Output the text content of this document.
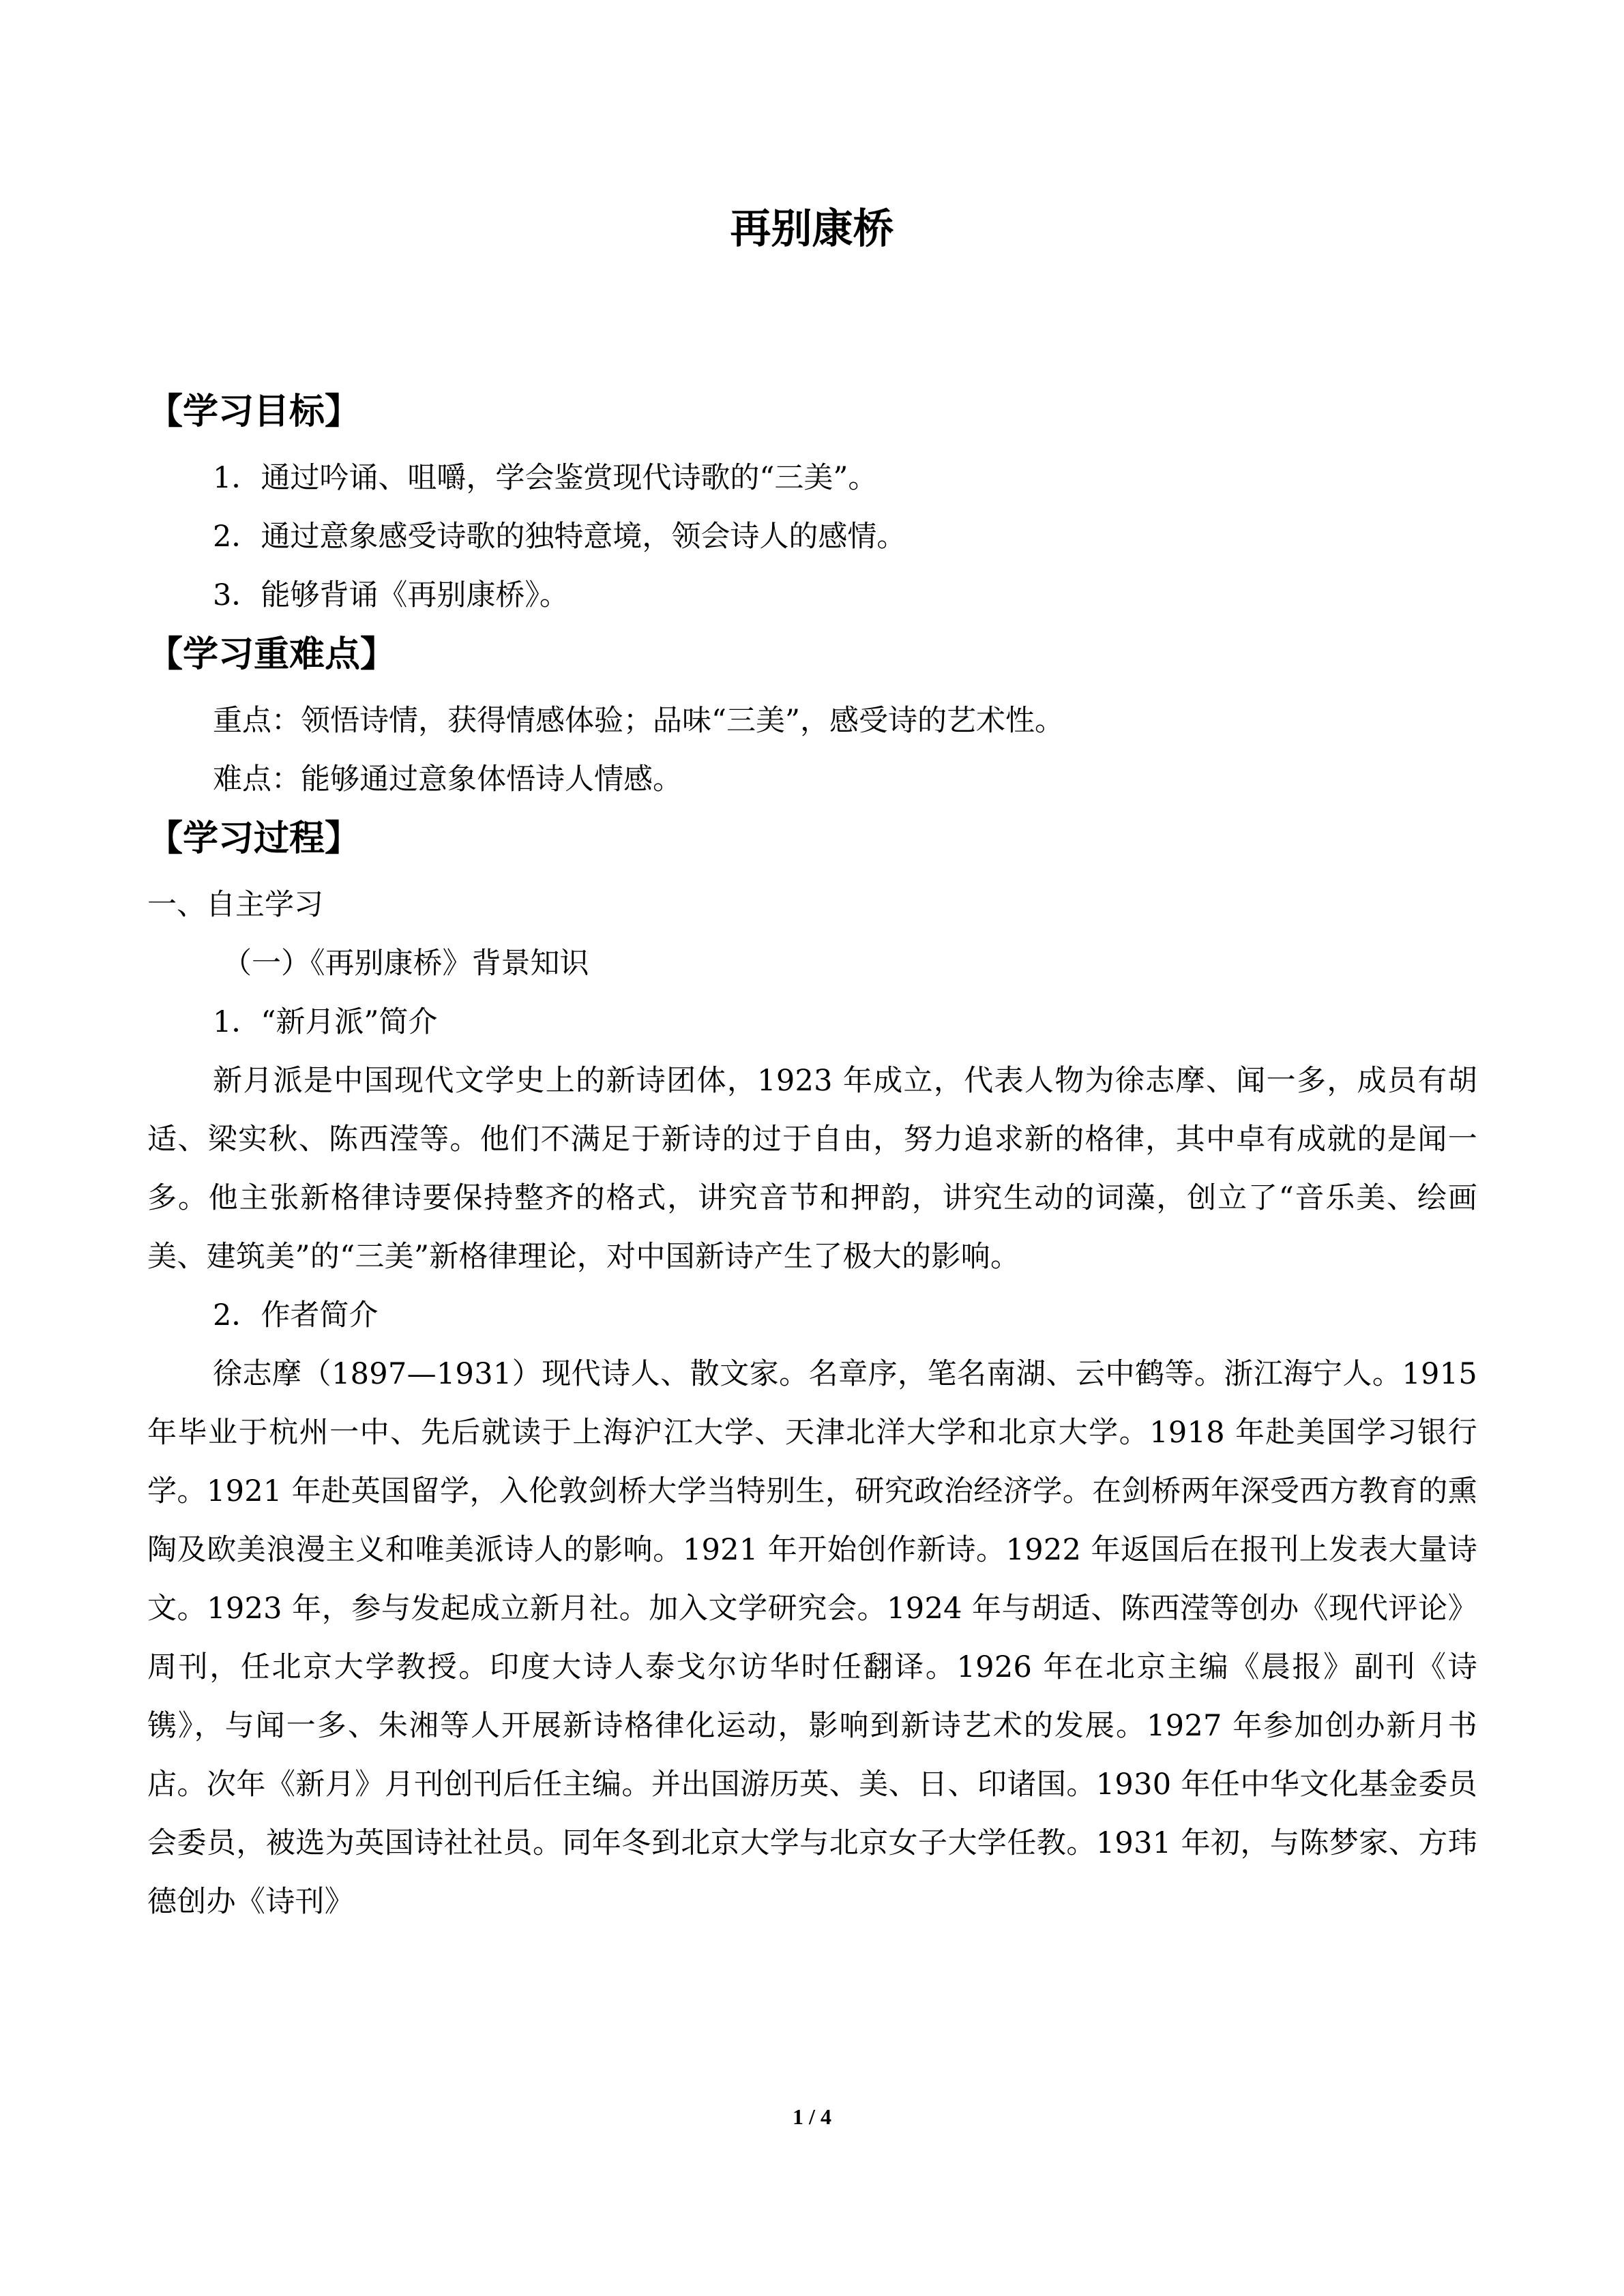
再别康桥
【学习目标】
1．通过吟诵、咀嚼，学会鉴赏现代诗歌的“三美”。
2．通过意象感受诗歌的独特意境，领会诗人的感情。
3．能够背诵《再别康桥》。
【学习重难点】
重点：领悟诗情，获得情感体验；品味“三美”，感受诗的艺术性。
难点：能够通过意象体悟诗人情感。
【学习过程】
一、自主学习
（一）《再别康桥》背景知识
1．“新月派”简介

新月派是中国现代文学史上的新诗团体，1923 年成立，代表人物为徐志摩、闻一多，成员有胡适、梁实秋、陈西滢等。他们不满足于新诗的过于自由，努力追求新的格律，其中卓有成就的是闻一多。他主张新格律诗要保持整齐的格式，讲究音节和押韵，讲究生动的词藻，创立了“音乐美、绘画美、建筑美”的“三美”新格律理论，对中国新诗产生了极大的影响。

2．作者简介

徐志摩（1897—1931）现代诗人、散文家。名章序，笔名南湖、云中鹤等。浙江海宁人。1915 年毕业于杭州一中、先后就读于上海沪江大学、天津北洋大学和北京大学。1918 年赴美国学习银行学。1921 年赴英国留学，入伦敦剑桥大学当特别生，研究政治经济学。在剑桥两年深受西方教育的熏陶及欧美浪漫主义和唯美派诗人的影响。1921 年开始创作新诗。1922 年返国后在报刊上发表大量诗文。1923 年，参与发起成立新月社。加入文学研究会。1924 年与胡适、陈西滢等创办《现代评论》周刊，任北京大学教授。印度大诗人泰戈尔访华时任翻译。1926 年在北京主编《晨报》副刊《诗镌》，与闻一多、朱湘等人开展新诗格律化运动，影响到新诗艺术的发展。1927 年参加创办新月书店。次年《新月》月刊创刊后任主编。并出国游历英、美、日、印诸国。1930 年任中华文化基金委员会委员，被选为英国诗社社员。同年冬到北京大学与北京女子大学任教。1931 年初，与陈梦家、方玮德创办《诗刊》

1 / 4
